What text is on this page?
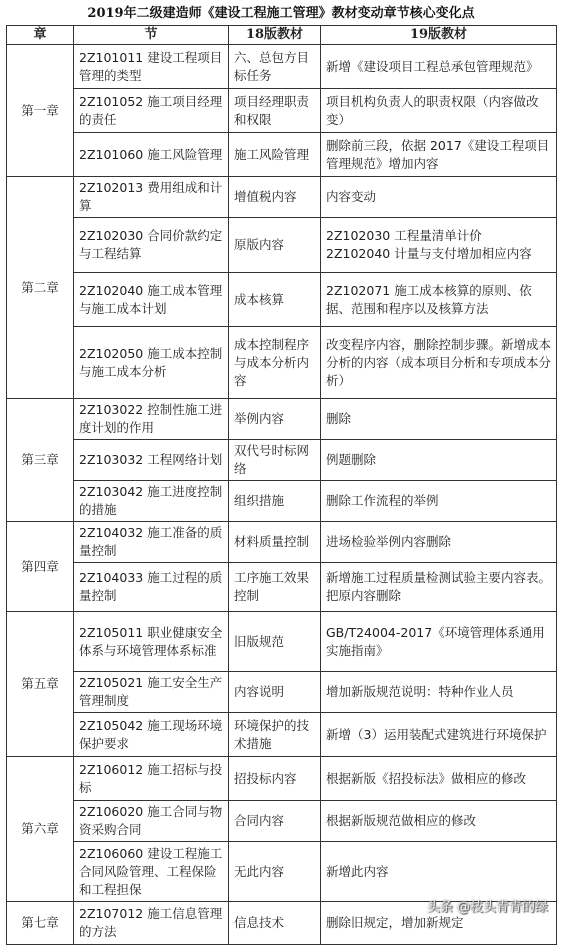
2019年二级建造师《建设工程施工管理》教材变动章节核心变化点
章	节	18版教材	19版教材
第一章	2Z101011 建设工程项目管理的类型	六、总包方目标任务	新增《建设项目工程总承包管理规范》
	2Z101052 施工项目经理的责任	项目经理职责和权限	项目机构负责人的职责权限（内容做改变）
	2Z101060 施工风险管理	施工风险管理	删除前三段，依据 2017《建设工程项目管理规范》增加内容
第二章	2Z102013 费用组成和计算	增值税内容	内容变动
	2Z102030 合同价款约定与工程结算	原版内容	2Z102030 工程量清单计价
2Z102040 计量与支付增加相应内容
	2Z102040 施工成本管理与施工成本计划	成本核算	2Z102071 施工成本核算的原则、依据、范围和程序以及核算方法
	2Z102050 施工成本控制与施工成本分析	成本控制程序与成本分析内容	改变程序内容，删除控制步骤。新增成本分析的内容（成本项目分析和专项成本分析）
第三章	2Z103022 控制性施工进度计划的作用	举例内容	删除
	2Z103032 工程网络计划	双代号时标网络	例题删除
	2Z103042 施工进度控制的措施	组织措施	删除工作流程的举例
第四章	2Z104032 施工准备的质量控制	材料质量控制	进场检验举例内容删除
	2Z104033 施工过程的质量控制	工序施工效果控制	新增施工过程质量检测试验主要内容表。把原内容删除
第五章	2Z105011 职业健康安全体系与环境管理体系标准	旧版规范	GB/T24004-2017《环境管理体系通用实施指南》
	2Z105021 施工安全生产管理制度	内容说明	增加新版规范说明：特种作业人员
	2Z105042 施工现场环境保护要求	环境保护的技术措施	新增（3）运用装配式建筑进行环境保护
第六章	2Z106012 施工招标与投标	招投标内容	根据新版《招投标法》做相应的修改
	2Z106020 施工合同与物资采购合同	合同内容	根据新版规范做相应的修改
	2Z106060 建设工程施工合同风险管理、工程保险和工程担保	无此内容	新增此内容
第七章	2Z107012 施工信息管理的方法	信息技术	删除旧规定，增加新规定
头条 @枝头青青的绿
